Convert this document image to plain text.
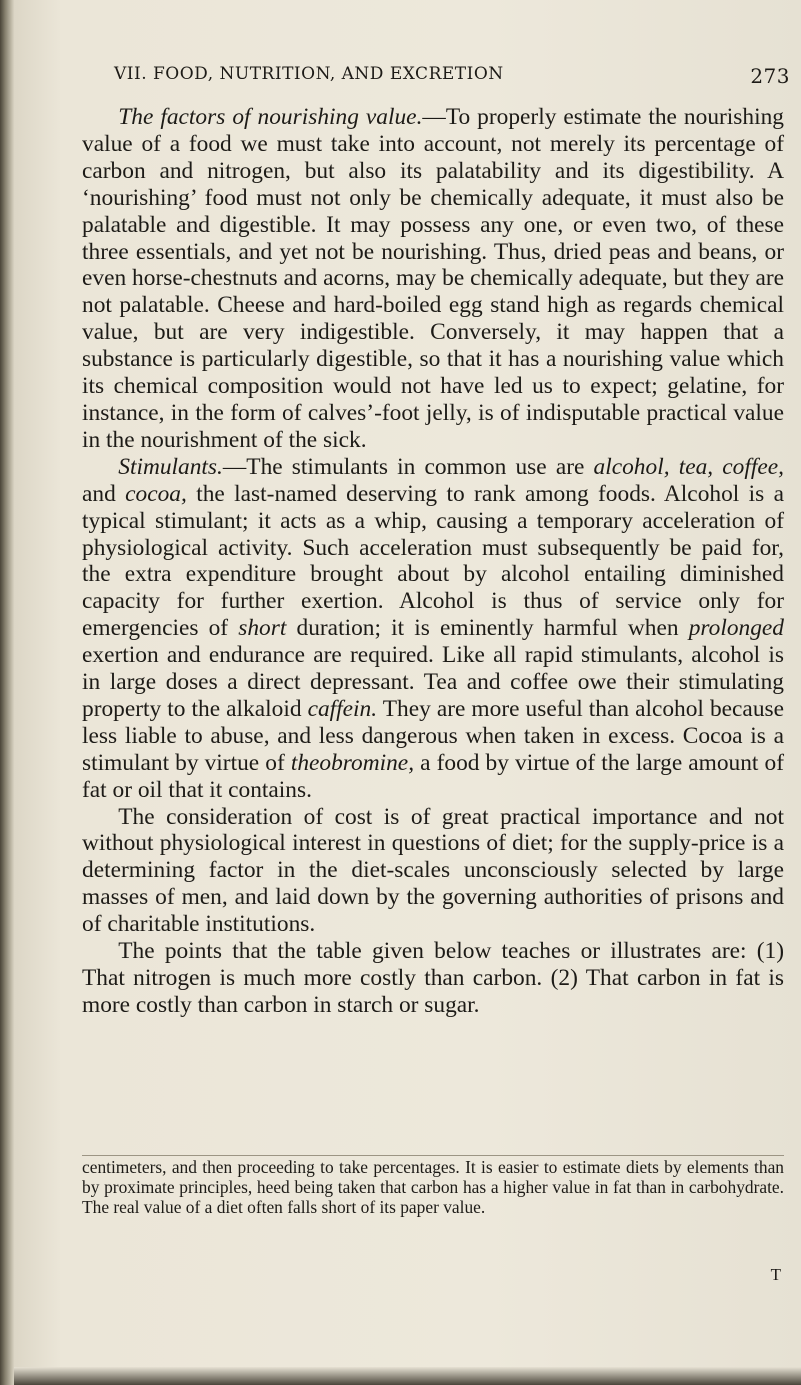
VII. FOOD, NUTRITION, AND EXCRETION	273

The factors of nourishing value.—To properly estimate the nourishing value of a food we must take into account, not merely its percentage of carbon and nitrogen, but also its palatability and its digestibility. A ‘nourishing’ food must not only be chemically adequate, it must also be palatable and digestible. It may possess any one, or even two, of these three essentials, and yet not be nourishing. Thus, dried peas and beans, or even horse-chestnuts and acorns, may be chemically adequate, but they are not palatable. Cheese and hard-boiled egg stand high as regards chemical value, but are very indigestible. Conversely, it may happen that a substance is particularly digestible, so that it has a nourishing value which its chemical composition would not have led us to expect; gelatine, for instance, in the form of calves’-foot jelly, is of indisputable practical value in the nourishment of the sick.

Stimulants.—The stimulants in common use are alcohol, tea, coffee, and cocoa, the last-named deserving to rank among foods. Alcohol is a typical stimulant; it acts as a whip, causing a temporary acceleration of physiological activity. Such acceleration must subsequently be paid for, the extra expenditure brought about by alcohol entailing diminished capacity for further exertion. Alcohol is thus of service only for emergencies of short duration; it is eminently harmful when prolonged exertion and endurance are required. Like all rapid stimulants, alcohol is in large doses a direct depressant. Tea and coffee owe their stimulating property to the alkaloid caffein. They are more useful than alcohol because less liable to abuse, and less dangerous when taken in excess. Cocoa is a stimulant by virtue of theobromine, a food by virtue of the large amount of fat or oil that it contains.

The consideration of cost is of great practical importance and not without physiological interest in questions of diet; for the supply-price is a determining factor in the diet-scales unconsciously selected by large masses of men, and laid down by the governing authorities of prisons and of charitable institutions.

The points that the table given below teaches or illustrates are: (1) That nitrogen is much more costly than carbon. (2) That carbon in fat is more costly than carbon in starch or sugar.

centimeters, and then proceeding to take percentages. It is easier to estimate diets by elements than by proximate principles, heed being taken that carbon has a higher value in fat than in carbohydrate. The real value of a diet often falls short of its paper value.
T
